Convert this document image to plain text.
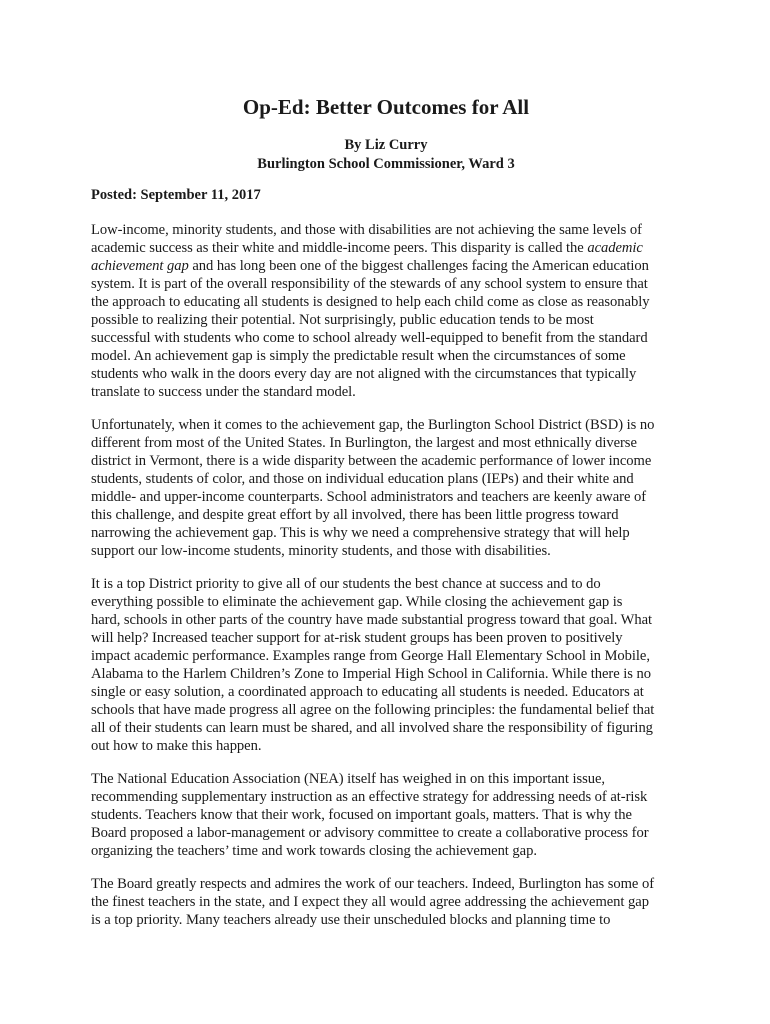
Op-Ed: Better Outcomes for All
By Liz Curry
Burlington School Commissioner, Ward 3
Posted: September 11, 2017
Low-income, minority students, and those with disabilities are not achieving the same levels of
academic success as their white and middle-income peers. This disparity is called the academic
achievement gap and has long been one of the biggest challenges facing the American education
system. It is part of the overall responsibility of the stewards of any school system to ensure that
the approach to educating all students is designed to help each child come as close as reasonably
possible to realizing their potential. Not surprisingly, public education tends to be most
successful with students who come to school already well-equipped to benefit from the standard
model. An achievement gap is simply the predictable result when the circumstances of some
students who walk in the doors every day are not aligned with the circumstances that typically
translate to success under the standard model.
Unfortunately, when it comes to the achievement gap, the Burlington School District (BSD) is no
different from most of the United States. In Burlington, the largest and most ethnically diverse
district in Vermont, there is a wide disparity between the academic performance of lower income
students, students of color, and those on individual education plans (IEPs) and their white and
middle- and upper-income counterparts. School administrators and teachers are keenly aware of
this challenge, and despite great effort by all involved, there has been little progress toward
narrowing the achievement gap. This is why we need a comprehensive strategy that will help
support our low-income students, minority students, and those with disabilities.
It is a top District priority to give all of our students the best chance at success and to do
everything possible to eliminate the achievement gap. While closing the achievement gap is
hard, schools in other parts of the country have made substantial progress toward that goal. What
will help? Increased teacher support for at-risk student groups has been proven to positively
impact academic performance. Examples range from George Hall Elementary School in Mobile,
Alabama to the Harlem Children’s Zone to Imperial High School in California. While there is no
single or easy solution, a coordinated approach to educating all students is needed. Educators at
schools that have made progress all agree on the following principles: the fundamental belief that
all of their students can learn must be shared, and all involved share the responsibility of figuring
out how to make this happen.
The National Education Association (NEA) itself has weighed in on this important issue,
recommending supplementary instruction as an effective strategy for addressing needs of at-risk
students. Teachers know that their work, focused on important goals, matters. That is why the
Board proposed a labor-management or advisory committee to create a collaborative process for
organizing the teachers’ time and work towards closing the achievement gap.
The Board greatly respects and admires the work of our teachers. Indeed, Burlington has some of
the finest teachers in the state, and I expect they all would agree addressing the achievement gap
is a top priority. Many teachers already use their unscheduled blocks and planning time to
